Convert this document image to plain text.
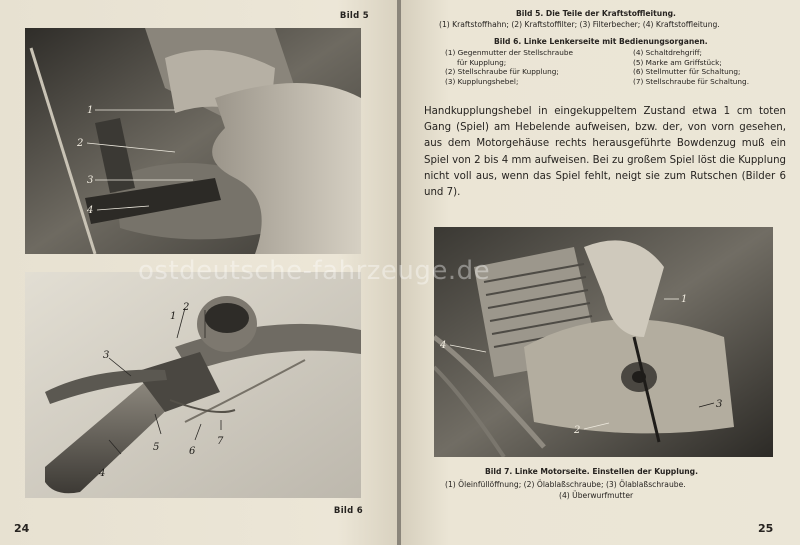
Bild 5
1
2
3
4
1
2
3
4
5	6
7
Bild 6
24
Bild 5. Die Teile der Kraftstoffleitung.
(1) Kraftstoffhahn; (2) Kraftstoffilter; (3) Filterbecher; (4) Kraftstoffleitung.
Bild 6. Linke Lenkerseite mit Bedienungsorganen.
(1) Gegenmutter der Stellschraube	(4) Schaltdrehgriff;
für Kupplung;	(5) Marke am Griffstück;
(2) Stellschraube für Kupplung;	(6) Stellmutter für Schaltung;
(3) Kupplungshebel;	(7) Stellschraube für Schaltung.
1
2
3
4
Bild 7. Linke Motorseite. Einstellen der Kupplung.
(1) Öleinfüllöffnung; (2) Ölablaßschraube; (3) Ölablaßschraube.
(4) Überwurfmutter
25

Handkupplungshebel in eingekuppeltem Zustand etwa 1 cm toten Gang (Spiel) am Hebelende aufweisen, bzw. der, von vorn gesehen, aus dem Motorgehäuse rechts herausgeführte Bowdenzug muß ein Spiel von 2 bis 4 mm aufweisen. Bei zu großem Spiel löst die Kupplung nicht voll aus, wenn das Spiel fehlt, neigt sie zum Rutschen (Bilder 6 und 7).

ostdeutsche-fahrzeuge.de
